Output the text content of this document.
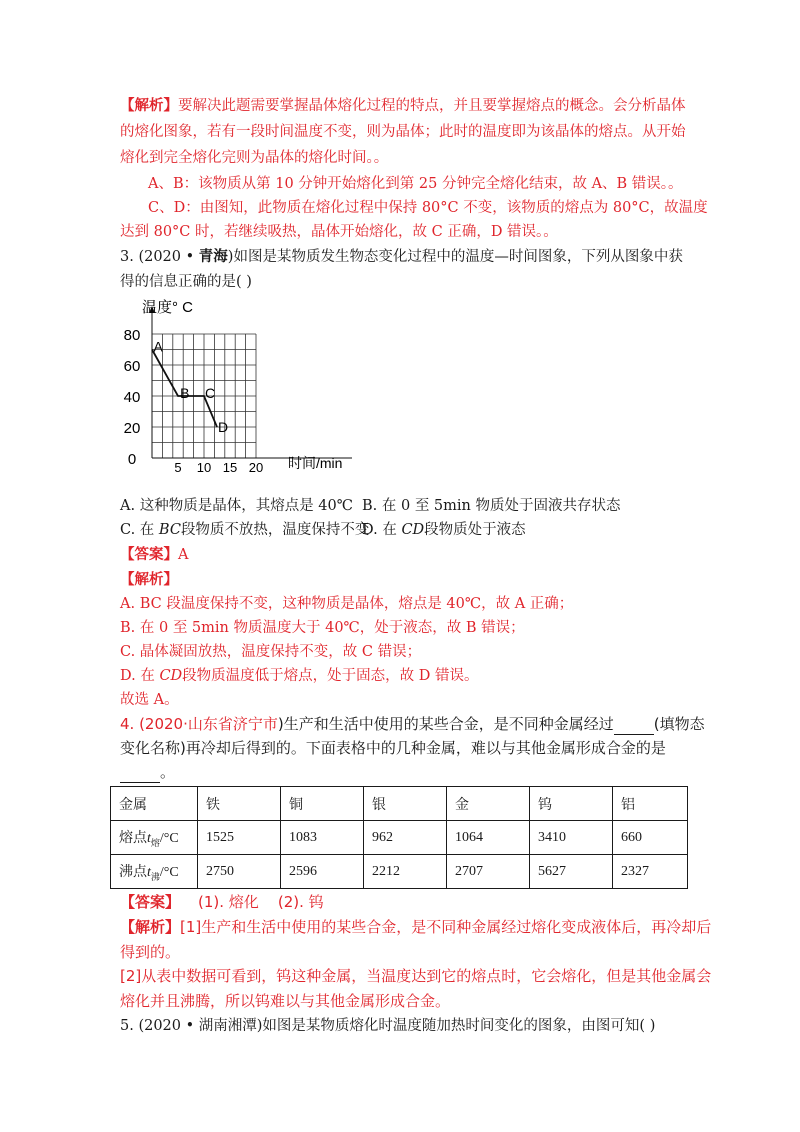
【解析】要解决此题需要掌握晶体熔化过程的特点，并且要掌握熔点的概念。会分析晶体
的熔化图象，若有一段时间温度不变，则为晶体；此时的温度即为该晶体的熔点。从开始
熔化到完全熔化完则为晶体的熔化时间。。
A、B：该物质从第 10 分钟开始熔化到第 25 分钟完全熔化结束，故 A、B 错误。。
C、D：由图知，此物质在熔化过程中保持 80°C 不变，该物质的熔点为 80°C，故温度
达到 80°C 时，若继续吸热，晶体开始熔化，故 C 正确，D 错误。。
3. (2020 • 青海)如图是某物质发生物态变化过程中的温度—时间图象，下列从图象中获
得的信息正确的是( )
温度° C
时间/min
A
B C
D
0
20
40
60
80
5 10 15 20
A. 这种物质是晶体，其熔点是 40℃ B. 在 0 至 5min 物质处于固液共存状态
C. 在 BC段物质不放热，温度保持不变
D. 在 CD段物质处于液态
【答案】A
【解析】
A. BC 段温度保持不变，这种物质是晶体，熔点是 40℃，故 A 正确；
B. 在 0 至 5min 物质温度大于 40℃，处于液态，故 B 错误；
C. 晶体凝固放热，温度保持不变，故 C 错误；
D. 在 CD段物质温度低于熔点，处于固态，故 D 错误。
故选 A。
4. (2020·山东省济宁市)生产和生活中使用的某些合金，是不同种金属经过	(填物态
变化名称)再冷却后得到的。下面表格中的几种金属，难以与其他金属形成合金的是
。
金属	铁	铜	银	金	钨	铝
熔点$t_熔/^\circ C$	1525	1083	962	1064	3410	660
沸点$t_沸/^\circ C$	2750	2596	2212	2707	5627	2327
【答案】 (1). 熔化    (2). 钨
【解析】[1]生产和生活中使用的某些合金，是不同种金属经过熔化变成液体后，再冷却后
得到的。
[2]从表中数据可看到，钨这种金属，当温度达到它的熔点时，它会熔化，但是其他金属会
熔化并且沸腾，所以钨难以与其他金属形成合金。
5. (2020 • 湖南湘潭)如图是某物质熔化时温度随加热时间变化的图象，由图可知( )
